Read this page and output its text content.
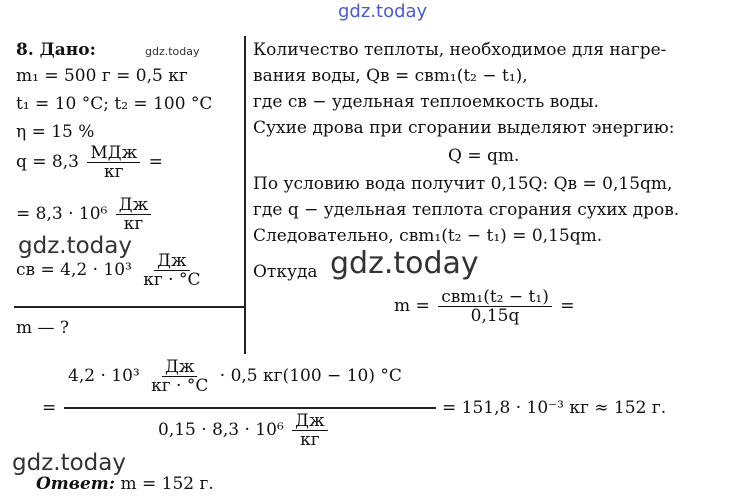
gdz.today
gdz.today
gdz.today	gdz.today
gdz.today
8. Дано:
m₁ = 500 г = 0,5 кг
t₁ = 10 °C; t₂ = 100 °C
η = 15 %
$q = 8,3 \frac{\text{МДж}}{кг}$ =
= $8,3 \cdot 10^6 \frac{Дж}{кг}$
cв = $4,2 \cdot 10^3 \frac{Дж}{кг \cdot ^\circ C}$
m — ?
Количество теплоты, необходимое для нагре-
вания воды, Qв = cвm₁(t₂ − t₁),
где cв − удельная теплоемкость воды.
Сухие дрова при сгорании выделяют энергию:
Q = qm.
По условию вода получит 0,15Q: Qв = 0,15qm,
где q − удельная теплота сгорания сухих дров.
Следовательно, cвm₁(t₂ − t₁) = 0,15qm.
Откуда
$m = \frac{\text{cвm₁(t₂ − t₁)}}{0,15q}$ =
=
$4,2 \cdot 10^3 \frac{Дж}{кг \cdot ^\circ C} \cdot 0,5$ кг(100 − 10) °C
$0,15 \cdot 8,3 \cdot 10^6 \frac{Дж}{кг}$
= 151,8 · 10⁻³ кг ≈ 152 г.
Ответ: m = 152 г.
